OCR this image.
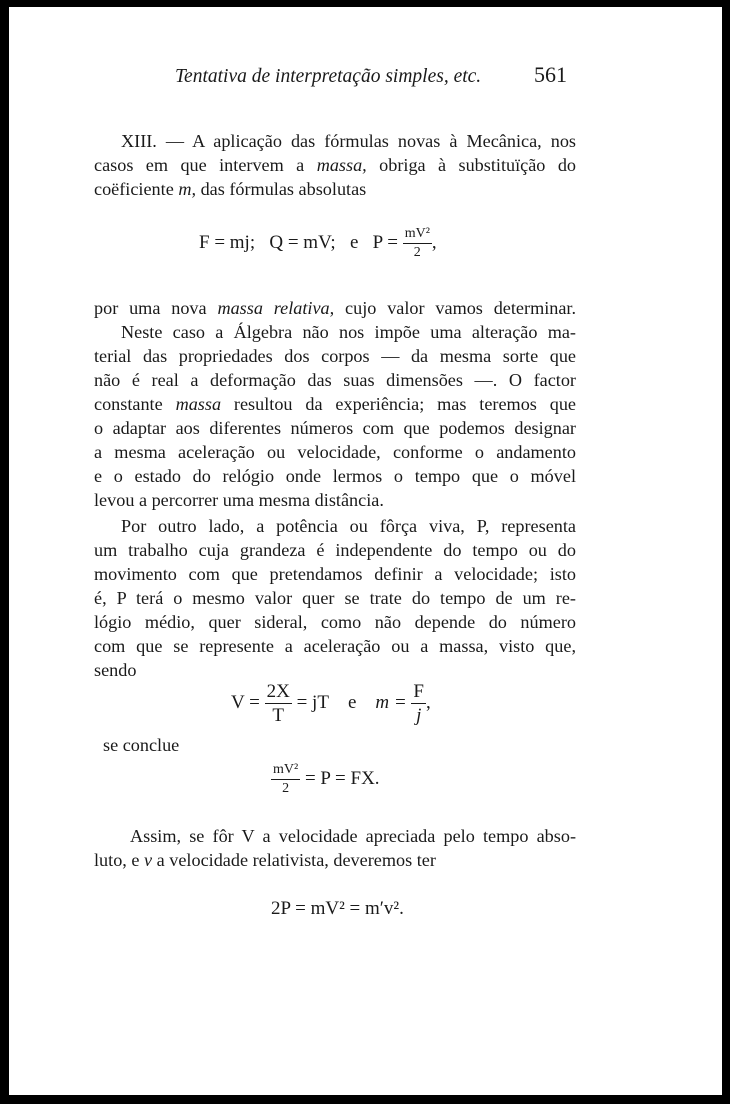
Tentativa de interpretação simples, etc. 561
XIII. — A aplicação das fórmulas novas à Mecânica, nos
casos em que intervem a massa, obriga à substituïção do
coëficiente m, das fórmulas absolutas
F = mj; Q = mV; e $P = \frac{\text{mV²}}{2}$ ,
por uma nova massa relativa, cujo valor vamos determinar.
Neste caso a Álgebra não nos impõe uma alteração ma-
terial das propriedades dos corpos — da mesma sorte que
não é real a deformação das suas dimensões —. O factor
constante massa resultou da experiência; mas teremos que
o adaptar aos diferentes números com que podemos designar
a mesma aceleração ou velocidade, conforme o andamento
e o estado do relógio onde lermos o tempo que o móvel
levou a percorrer uma mesma distância.
Por outro lado, a potência ou fôrça viva, P, representa
um trabalho cuja grandeza é independente do tempo ou do
movimento com que pretendamos definir a velocidade; isto
é, P terá o mesmo valor quer se trate do tempo de um re-
lógio médio, quer sideral, como não depende do número
com que se represente a aceleração ou a massa, visto que,
sendo
$V = \frac{2X}{T}$ = jT e $m = \frac{F}{j}$ ,
se conclue
$\frac{\text{mV²}}{2} = P$ = FX.
Assim, se fôr V a velocidade apreciada pelo tempo abso-
luto, e v a velocidade relativista, deveremos ter
2P = mV² = m′v².
